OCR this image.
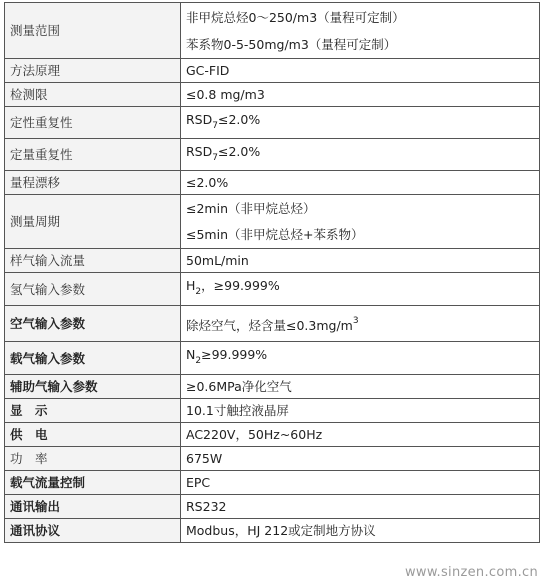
测量范围	非甲烷总烃0～250/m3（量程可定制）
苯系物0-5-50mg/m3（量程可定制）

方法原理	GC-FID
检测限	≤0.8 mg/m3
定性重复性	$RSD_7\le 2.0\%$
定量重复性	$RSD_7\le 2.0\%$
量程漂移	≤2.0%
测量周期	≤2min（非甲烷总烃）
≤5min（非甲烷总烃+苯系物）

样气输入流量	50mL/min
氢气输入参数	$H_2$，≥99.999%
空气输入参数	除烃空气，烃含量$\le 0.3mg/m^3$
载气输入参数	$N_2\ge 99.999\%$
辅助气输入参数	≥0.6MPa净化空气
显　示	10.1寸触控液晶屏
供　电	AC220V，50Hz~60Hz
功　率	675W
载气流量控制	EPC
通讯输出	RS232
通讯协议	Modbus，HJ 212或定制地方协议
www.sinzen.com.cn
